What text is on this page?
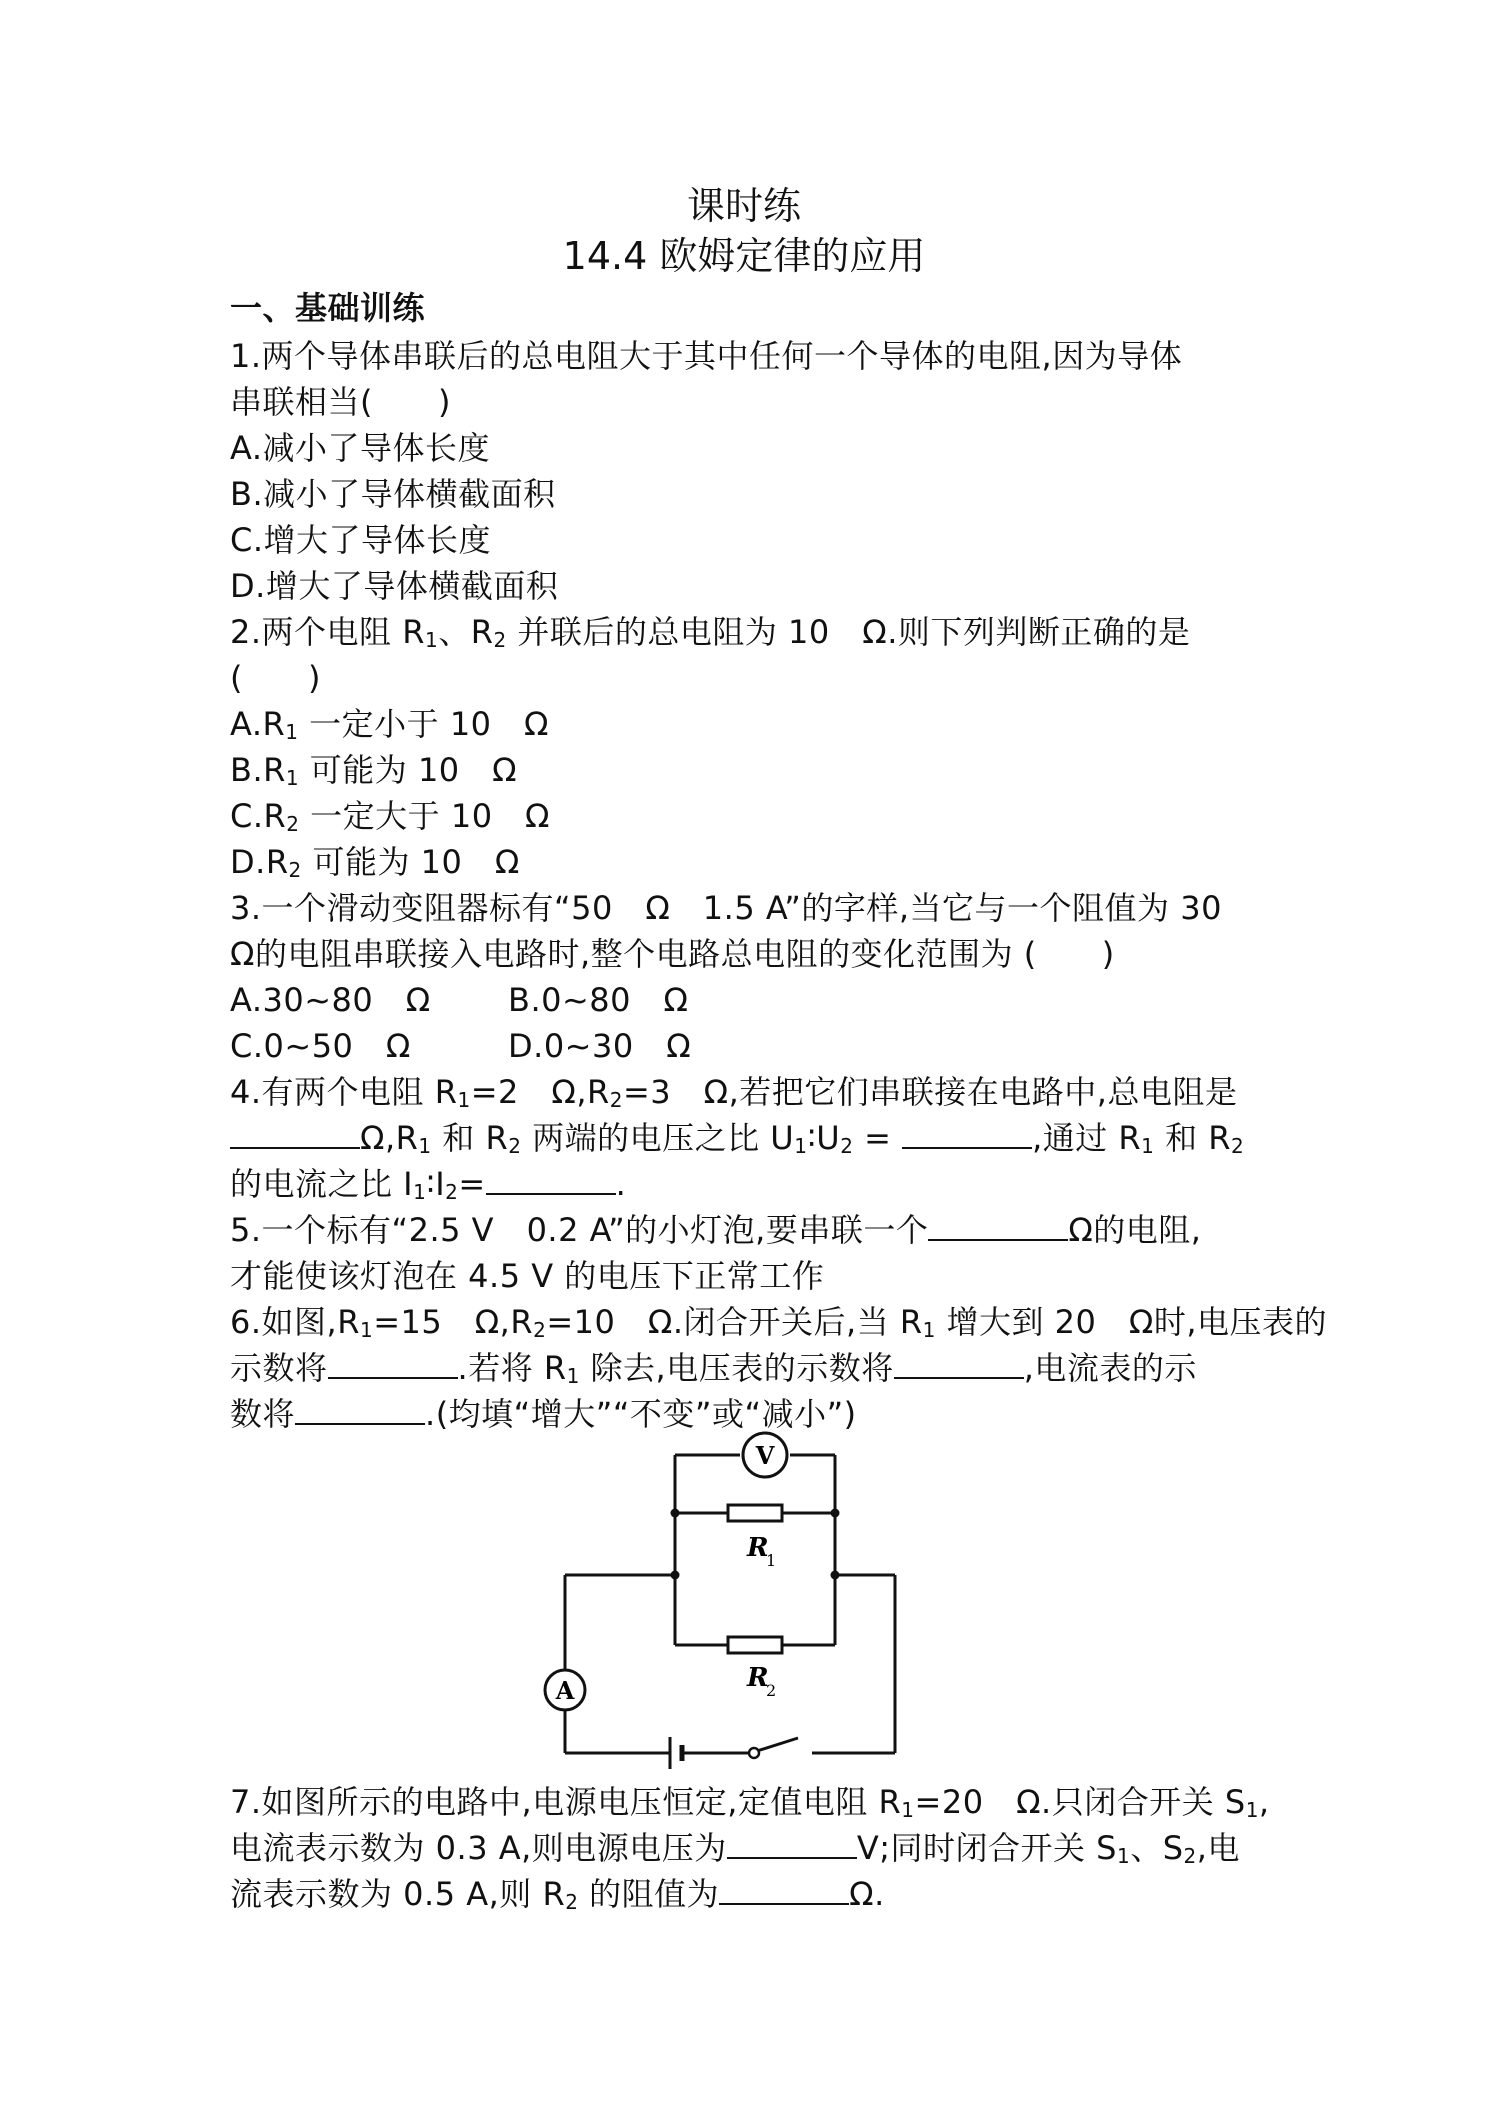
课时练
14.4 欧姆定律的应用
一、基础训练
1.两个导体串联后的总电阻大于其中任何一个导体的电阻,因为导体
串联相当(　　)
A.减小了导体长度
B.减小了导体横截面积
C.增大了导体长度
D.增大了导体横截面积
2.两个电阻 $R_1$、$R_2$ 并联后的总电阻为 10　Ω.则下列判断正确的是
(　　)
$A.R_1$ 一定小于 10　Ω
$B.R_1$ 可能为 10　Ω
$C.R_2$ 一定大于 10　Ω
$D.R_2$ 可能为 10　Ω
3.一个滑动变阻器标有“50　Ω　1.5 A”的字样,当它与一个阻值为 30
Ω的电阻串联接入电路时,整个电路总电阻的变化范围为 (　　)
A.30~80　Ω B.0~80　Ω
C.0~50　Ω	D.0~30　Ω
4.有两个电阻 $R_1=2$　$\Omega,R_2=3$　Ω,若把它们串联接在电路中,总电阻是
$\Omega,R_1$ 和 $R_2$ 两端的电压之比 $U_1∶U_2$ =	,通过 $R_1$ 和 $R_2$
的电流之比 $I_1∶I_2=$	.
5.一个标有“2.5 V　0.2 A”的小灯泡,要串联一个	Ω的电阻,
才能使该灯泡在 4.5 V 的电压下正常工作
6.如图$,R_1=15$　$\Omega,R_2=10$　Ω.闭合开关后,当 $R_1$ 增大到 20　Ω时,电压表的
示数将	.若将 $R_1$ 除去,电压表的示数将	,电流表的示
数将	.(均填“增大”“不变”或“减小”)
V
A
R
1
R
2
7.如图所示的电路中,电源电压恒定,定值电阻 $R_1=20$　Ω.只闭合开关 $S_1$,
电流表示数为 0.3 A,则电源电压为	V;同时闭合开关 $S_1$、$S_2$,电
流表示数为 0.5 A,则 $R_2$ 的阻值为	Ω.
